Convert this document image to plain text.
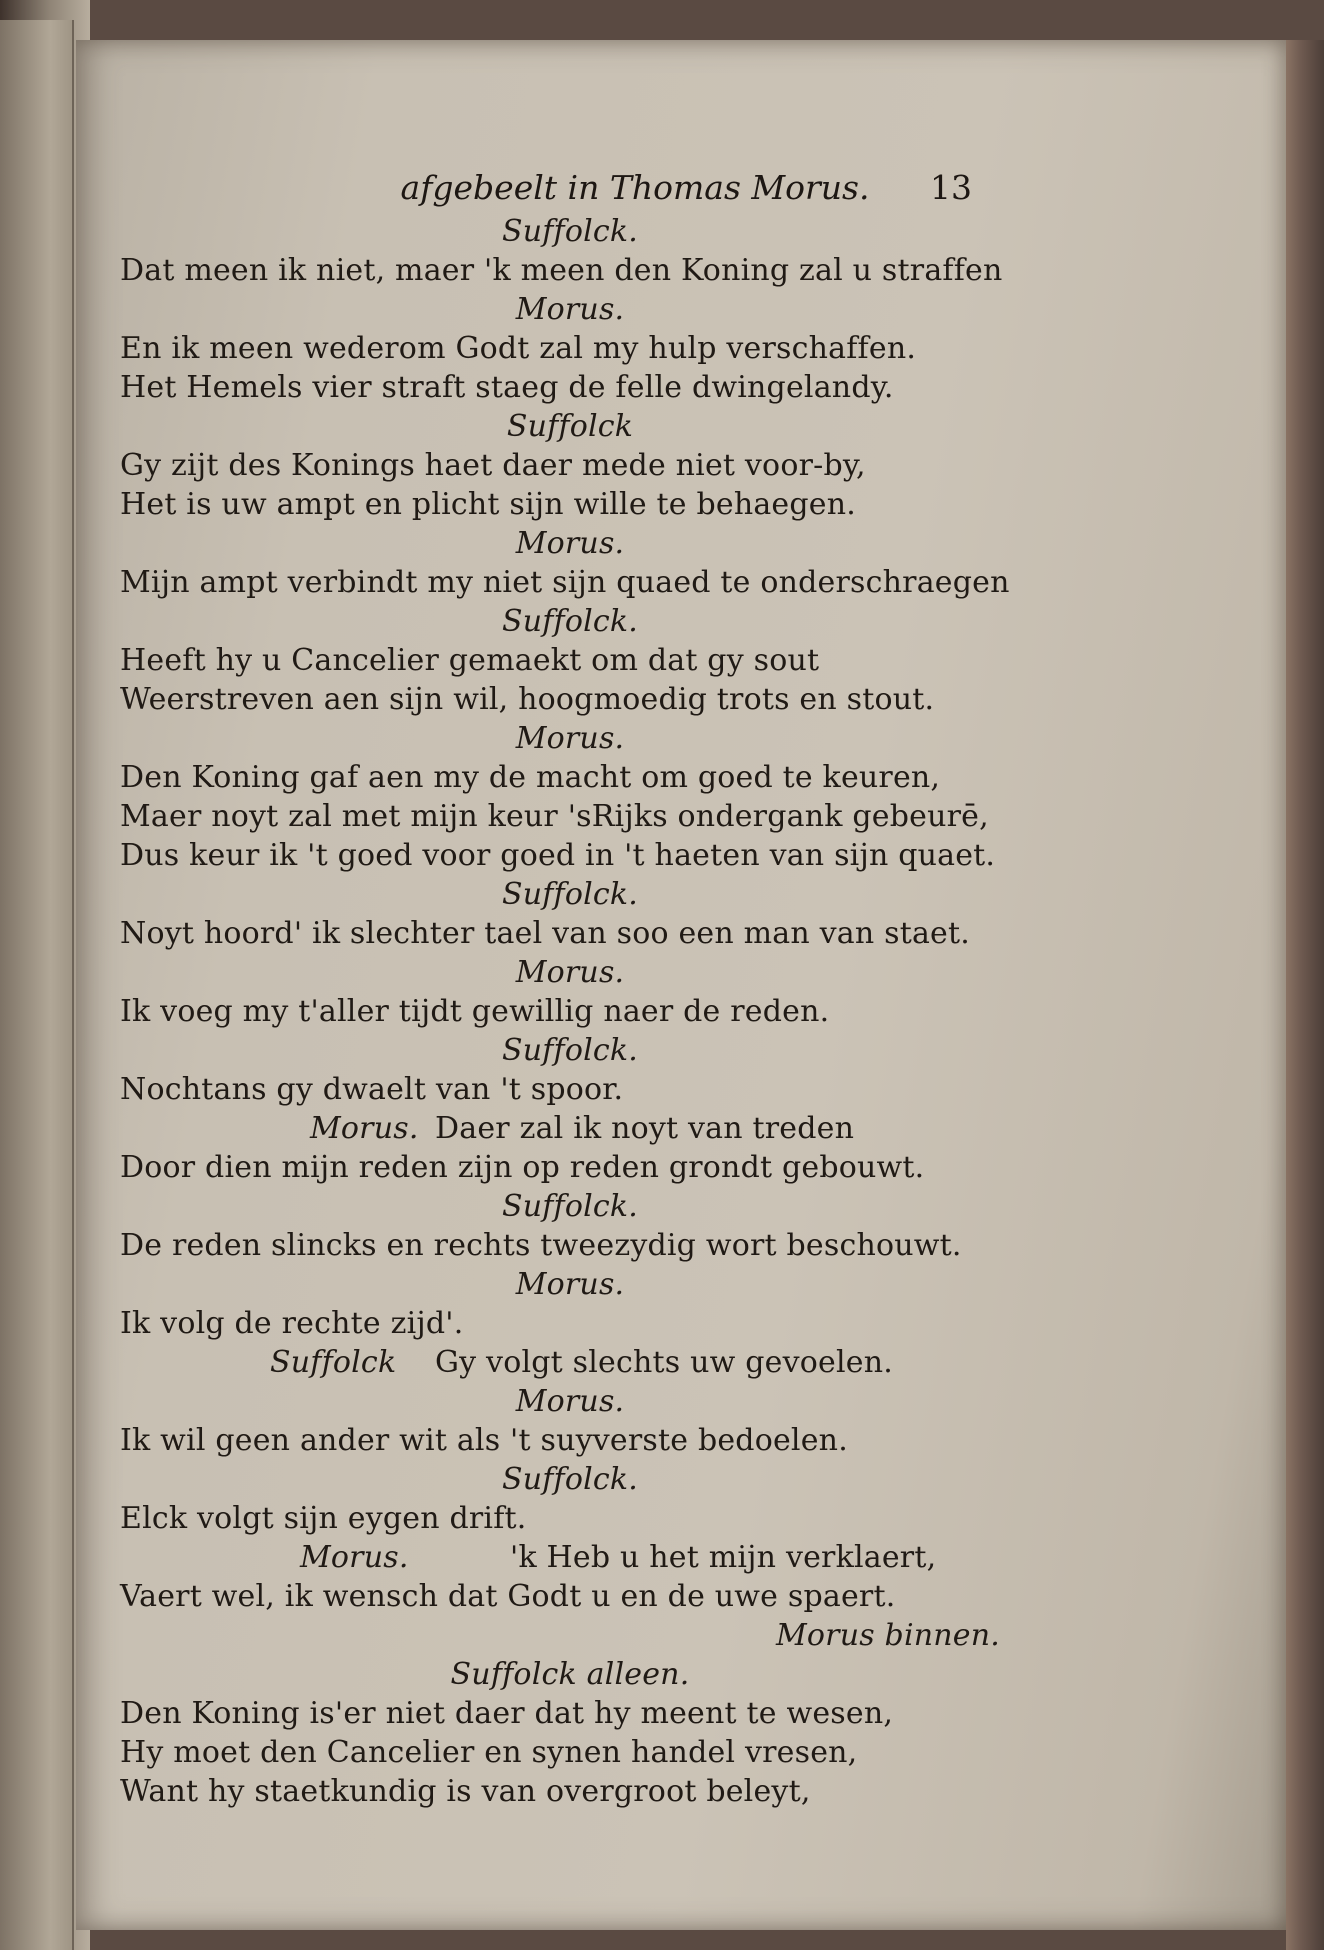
afgebeelt in Thomas Morus.	13
Suffolck.
Dat meen ik niet, maer 'k meen den Koning zal u straffen
Morus.
En ik meen wederom Godt zal my hulp verschaffen.
Het Hemels vier straft staeg de felle dwingelandy.
Suffolck
Gy zijt des Konings haet daer mede niet voor-by,
Het is uw ampt en plicht sijn wille te behaegen.
Morus.
Mijn ampt verbindt my niet sijn quaed te onderschraegen
Suffolck.
Heeft hy u Cancelier gemaekt om dat gy sout
Weerstreven aen sijn wil, hoogmoedig trots en stout.
Morus.
Den Koning gaf aen my de macht om goed te keuren,
Maer noyt zal met mijn keur 'sRijks ondergank gebeurē,
Dus keur ik 't goed voor goed in 't haeten van sijn quaet.
Suffolck.
Noyt hoord' ik slechter tael van soo een man van staet.
Morus.
Ik voeg my t'aller tijdt gewillig naer de reden.
Suffolck.
Nochtans gy dwaelt van 't spoor.
Morus. Daer zal ik noyt van treden
Door dien mijn reden zijn op reden grondt gebouwt.
Suffolck.
De reden slincks en rechts tweezydig wort beschouwt.
Morus.
Ik volg de rechte zijd'.
Suffolck Gy volgt slechts uw gevoelen.
Morus.
Ik wil geen ander wit als 't suyverste bedoelen.
Suffolck.
Elck volgt sijn eygen drift.
Morus.	'k Heb u het mijn verklaert,
Vaert wel, ik wensch dat Godt u en de uwe spaert.
Morus binnen.
Suffolck alleen.
Den Koning is'er niet daer dat hy meent te wesen,
Hy moet den Cancelier en synen handel vresen,
Want hy staetkundig is van overgroot beleyt,
